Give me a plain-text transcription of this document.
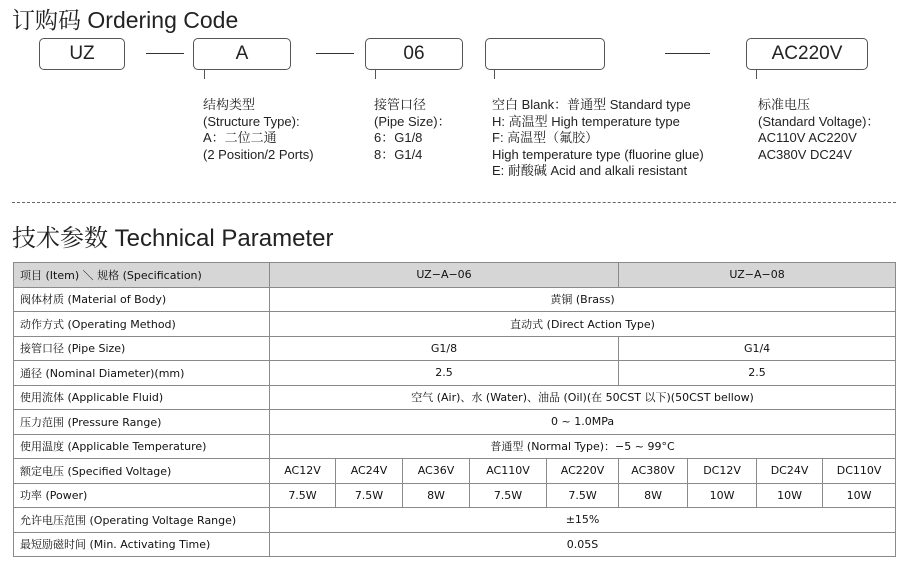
订购码 Ordering Code
UZ	A	06	AC220V
结构类型
(Structure Type):
A：二位二通
(2 Position/2 Ports)
接管口径
(Pipe Size)：
6：G1/8
8：G1/4
空白 Blank：普通型 Standard type
H: 高温型 High temperature type
F: 高温型（氟胶）
High temperature type (fluorine glue)
E: 耐酸碱 Acid and alkali resistant
标准电压
(Standard Voltage)：
AC110V AC220V
AC380V DC24V
技术参数 Technical Parameter
项目 (Item) ＼ 规格 (Specification)	UZ−A−06					UZ−A−08			
阀体材质 (Material of Body)	黄铜 (Brass)								
动作方式 (Operating Method)	直动式 (Direct Action Type)								
接管口径 (Pipe Size)	G1/8					G1/4			
通径 (Nominal Diameter)(mm)	2.5					2.5			
使用流体 (Applicable Fluid)	空气 (Air)、水 (Water)、油品 (Oil)(在 50CST 以下)(50CST bellow)								
压力范围 (Pressure Range)	0 ~ 1.0MPa								
使用温度 (Applicable Temperature)	普通型 (Normal Type)：−5 ~ 99°C								
额定电压 (Specified Voltage)	AC12V	AC24V	AC36V	AC110V	AC220V	AC380V	DC12V	DC24V	DC110V
功率 (Power)	7.5W	7.5W	8W	7.5W	7.5W	8W	10W	10W	10W
允许电压范围 (Operating Voltage Range)	±15%								
最短励磁时间 (Min. Activating Time)	0.05S								
